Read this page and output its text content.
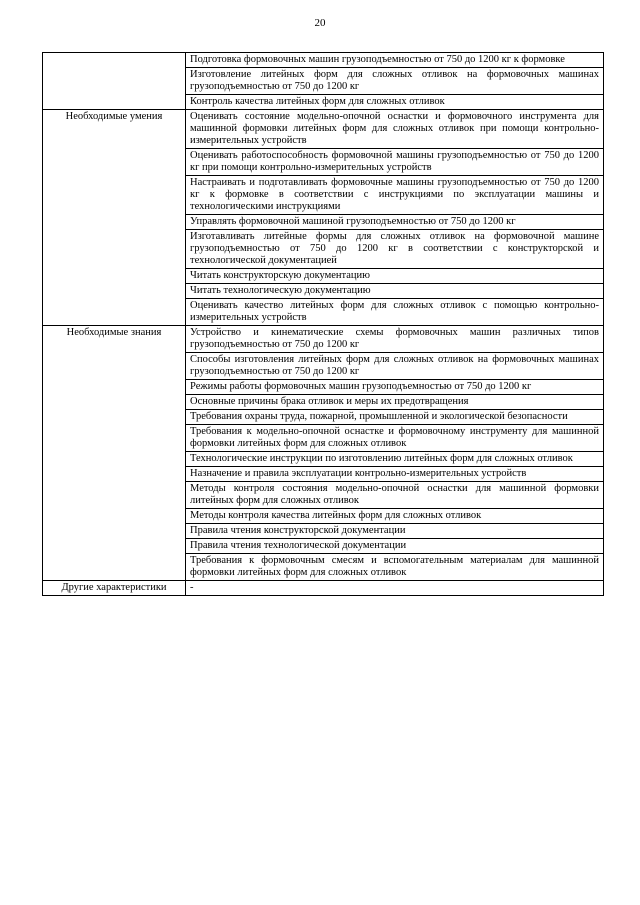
20

	Подготовка формовочных машин грузоподъемностью от 750 до 1200 кг к формовке
	Изготовление литейных форм для сложных отливок на формовочных машинах грузоподъемностью от 750 до 1200 кг
	Контроль качества литейных форм для сложных отливок
Необходимые умения	Оценивать состояние модельно-опочной оснастки и формовочного инструмента для машинной формовки литейных форм для сложных отливок при помощи контрольно-измерительных устройств
	Оценивать работоспособность формовочной машины грузоподъемностью от 750 до 1200 кг при помощи контрольно-измерительных устройств
	Настраивать и подготавливать формовочные машины грузоподъемностью от 750 до 1200 кг к формовке в соответствии с инструкциями по эксплуатации машины и технологическими инструкциями
	Управлять формовочной машиной грузоподъемностью от 750 до 1200 кг
	Изготавливать литейные формы для сложных отливок на формовочной машине грузоподъемностью от 750 до 1200 кг в соответствии с конструкторской и технологической документацией
	Читать конструкторскую документацию
	Читать технологическую документацию
	Оценивать качество литейных форм для сложных отливок с помощью контрольно-измерительных устройств
Необходимые знания	Устройство и кинематические схемы формовочных машин различных типов грузоподъемностью от 750 до 1200 кг
	Способы изготовления литейных форм для сложных отливок на формовочных машинах грузоподъемностью от 750 до 1200 кг
	Режимы работы формовочных машин грузоподъемностью от 750 до 1200 кг
	Основные причины брака отливок и меры их предотвращения
	Требования охраны труда, пожарной, промышленной и экологической безопасности
	Требования к модельно-опочной оснастке и формовочному инструменту для машинной формовки литейных форм для сложных отливок
	Технологические инструкции по изготовлению литейных форм для сложных отливок
	Назначение и правила эксплуатации контрольно-измерительных устройств
	Методы контроля состояния модельно-опочной оснастки для машинной формовки литейных форм для сложных отливок
	Методы контроля качества литейных форм для сложных отливок
	Правила чтения конструкторской документации
	Правила чтения технологической документации
	Требования к формовочным смесям и вспомогательным материалам для машинной формовки литейных форм для сложных отливок
Другие характеристики	-
